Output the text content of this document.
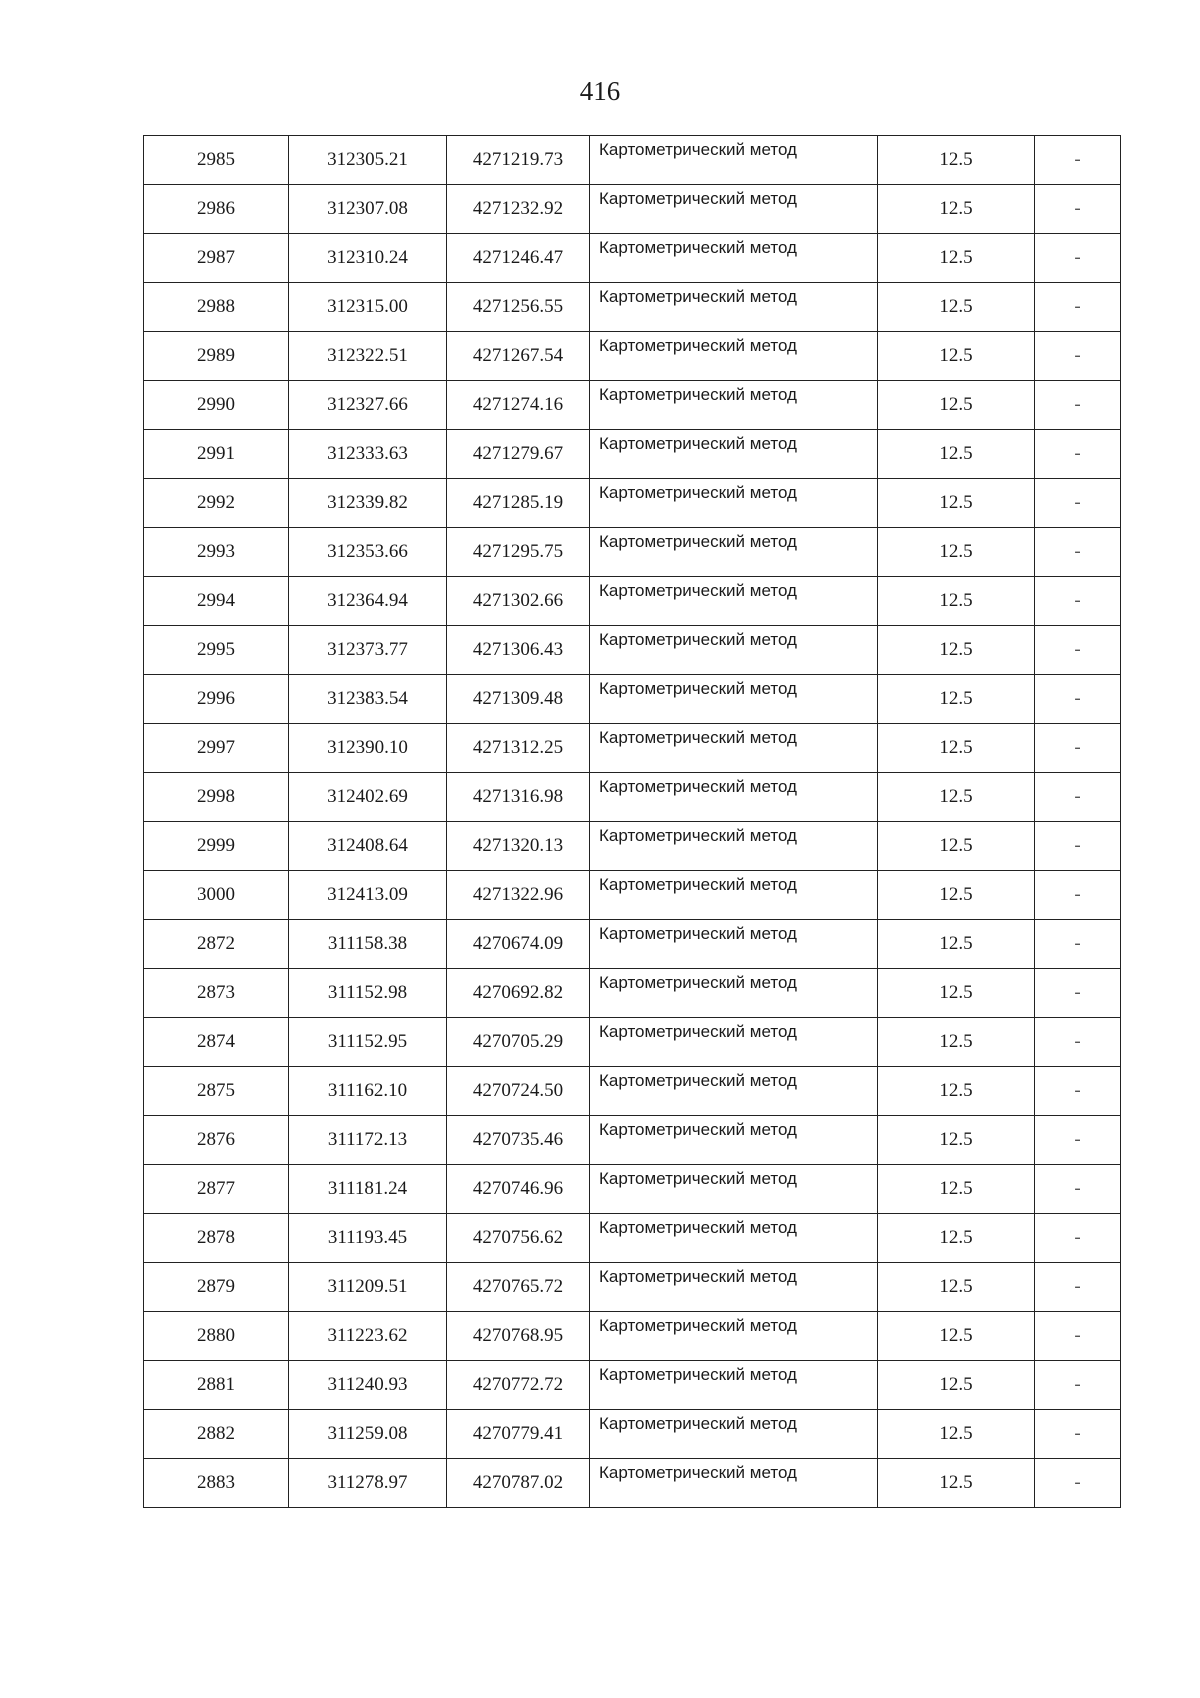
416
2985	312305.21	4271219.73	Картометрический метод	12.5	-
2986	312307.08	4271232.92	Картометрический метод	12.5	-
2987	312310.24	4271246.47	Картометрический метод	12.5	-
2988	312315.00	4271256.55	Картометрический метод	12.5	-
2989	312322.51	4271267.54	Картометрический метод	12.5	-
2990	312327.66	4271274.16	Картометрический метод	12.5	-
2991	312333.63	4271279.67	Картометрический метод	12.5	-
2992	312339.82	4271285.19	Картометрический метод	12.5	-
2993	312353.66	4271295.75	Картометрический метод	12.5	-
2994	312364.94	4271302.66	Картометрический метод	12.5	-
2995	312373.77	4271306.43	Картометрический метод	12.5	-
2996	312383.54	4271309.48	Картометрический метод	12.5	-
2997	312390.10	4271312.25	Картометрический метод	12.5	-
2998	312402.69	4271316.98	Картометрический метод	12.5	-
2999	312408.64	4271320.13	Картометрический метод	12.5	-
3000	312413.09	4271322.96	Картометрический метод	12.5	-
2872	311158.38	4270674.09	Картометрический метод	12.5	-
2873	311152.98	4270692.82	Картометрический метод	12.5	-
2874	311152.95	4270705.29	Картометрический метод	12.5	-
2875	311162.10	4270724.50	Картометрический метод	12.5	-
2876	311172.13	4270735.46	Картометрический метод	12.5	-
2877	311181.24	4270746.96	Картометрический метод	12.5	-
2878	311193.45	4270756.62	Картометрический метод	12.5	-
2879	311209.51	4270765.72	Картометрический метод	12.5	-
2880	311223.62	4270768.95	Картометрический метод	12.5	-
2881	311240.93	4270772.72	Картометрический метод	12.5	-
2882	311259.08	4270779.41	Картометрический метод	12.5	-
2883	311278.97	4270787.02	Картометрический метод	12.5	-
